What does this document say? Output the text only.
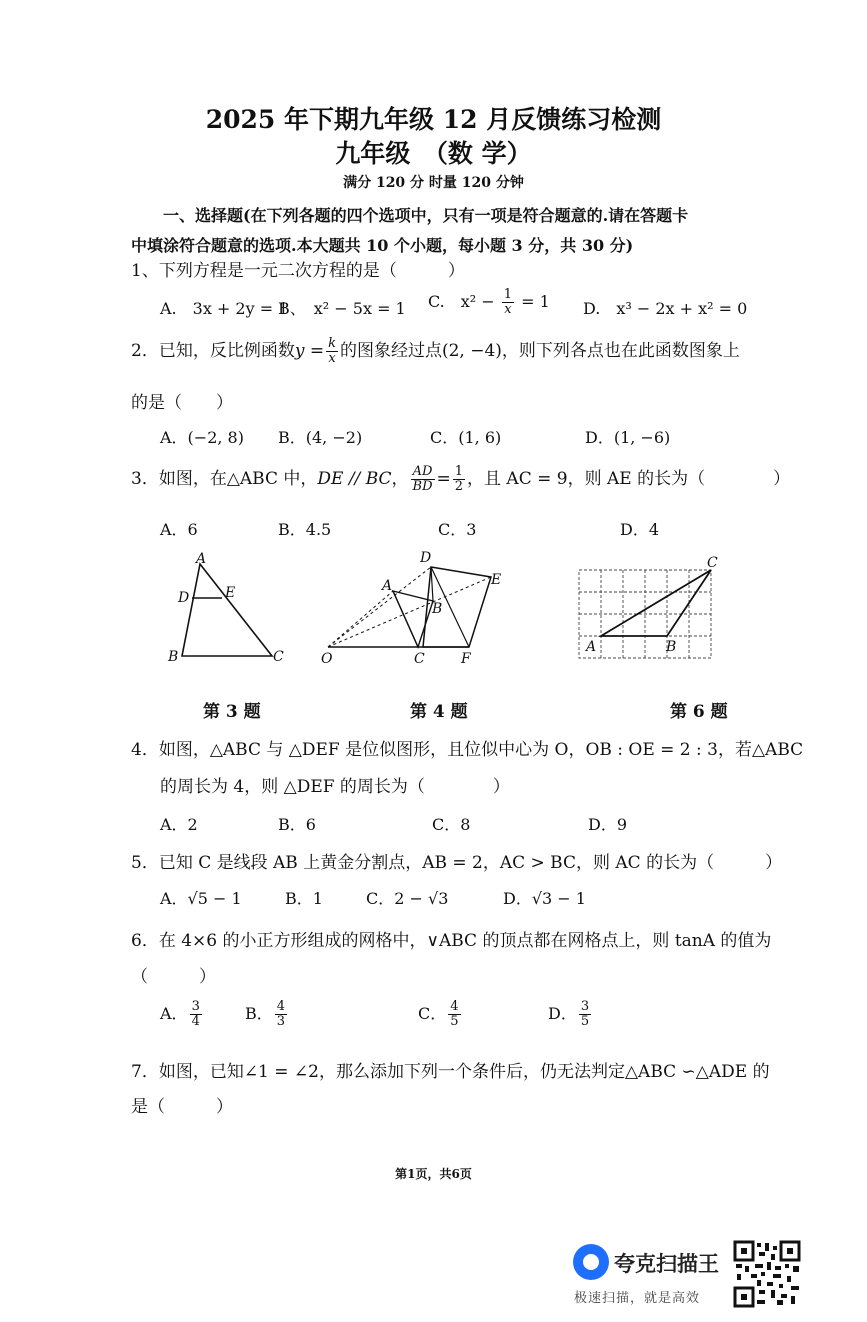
2025 年下期九年级 12 月反馈练习检测
九年级　（数 学）
满分 120 分 时量 120 分钟
一、选择题(在下列各题的四个选项中，只有一项是符合题意的.请在答题卡
中填涂符合题意的选项.本大题共 10 个小题，每小题 3 分，共 30 分)
1、下列方程是一元二次方程的是（　　　）
A.　3x + 2y = 1
B、　x² − 5x = 1 C.　$x^2 - \frac{1}{x} = 1$ D.　x³ − 2x + x² = 0
2．已知，反比例函数$y = \frac{k}{x}$ 的图象经过点(2, −4)，则下列各点也在此函数图象上
的是（　　）
A．(−2, 8) B．(4, −2)	C．(1, 6)	D．(1, −6)
3．如图，在△ABC 中，DE // BC， $\frac{AD}{BD} = \frac{1}{2}$ ，且 AC = 9，则 AE 的长为（　　　　）
A．6	B．4.5	C．3	D．4
A
D	E
B	C
D
A	E
B
O	C	F
C
A	B
第 3 题	第 4 题	第 6 题
4．如图，△ABC 与 △DEF 是位似图形，且位似中心为 O，OB : OE = 2 : 3，若△ABC
的周长为 4，则 △DEF 的周长为（　　　　）
A．2	B．6	C．8	D．9
5．已知 C 是线段 AB 上黄金分割点，AB = 2，AC > BC，则 AC 的长为（　　　）
A．√5 − 1	B．1	C．2 − √3	D．√3 − 1
6．在 4×6 的小正方形组成的网格中，∨ABC 的顶点都在网格点上，则 tanA 的值为
（　　　）
A． $\frac{3}{4}$	B． $\frac{4}{3}$	C． $\frac{4}{5}$	D． $\frac{3}{5}$
7．如图，已知∠1 = ∠2，那么添加下列一个条件后，仍无法判定△ABC ∽△ADE 的
是（　　　）
第1页，共6页
夸克扫描王
极速扫描，就是高效
